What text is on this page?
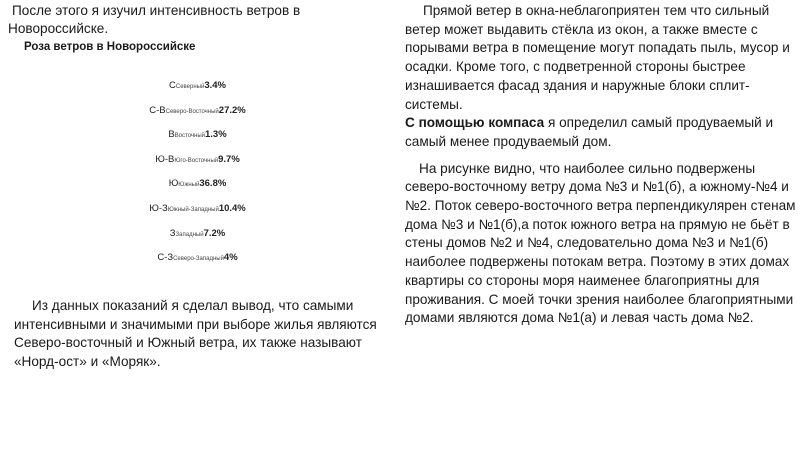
После этого я изучил интенсивность ветров в Новороссийске.
Роза ветров в Новороссийске
ССеверный3.4%
С-ВСеверо-Восточный27.2%
ВВосточный1.3%
Ю-ВЮго-Восточный9.7%
ЮЮжный36.8%
Ю-ЗЮжный-Западный10.4%
ЗЗападный7.2%
С-ЗСеверо-Западный4%
Из данных показаний я сделал вывод, что самыми интенсивными и значимыми при выборе жилья являются Северо-восточный и Южный ветра, их также называют «Норд-ост» и «Моряк».

Прямой ветер в окна-неблагоприятен тем что сильный ветер может выдавить стёкла из окон, а также вместе с порывами ветра в помещение могут попадать пыль, мусор и осадки. Кроме того, с подветренной стороны быстрее изнашивается фасад здания и наружные блоки сплит-системы.

С помощью компаса я определил самый продуваемый и самый менее продуваемый дом.

На рисунке видно, что наиболее сильно подвержены северо-восточному ветру дома №3 и №1(б), а южному-№4 и №2. Поток северо-восточного ветра перпендикулярен стенам дома №3 и №1(б),а поток южного ветра на прямую не бьёт в стены домов №2 и №4, следовательно дома №3 и №1(б) наиболее подвержены потокам ветра. Поэтому в этих домах квартиры со стороны моря наименее благоприятны для проживания. С моей точки зрения наиболее благоприятными домами являются дома №1(а) и левая часть дома №2.
